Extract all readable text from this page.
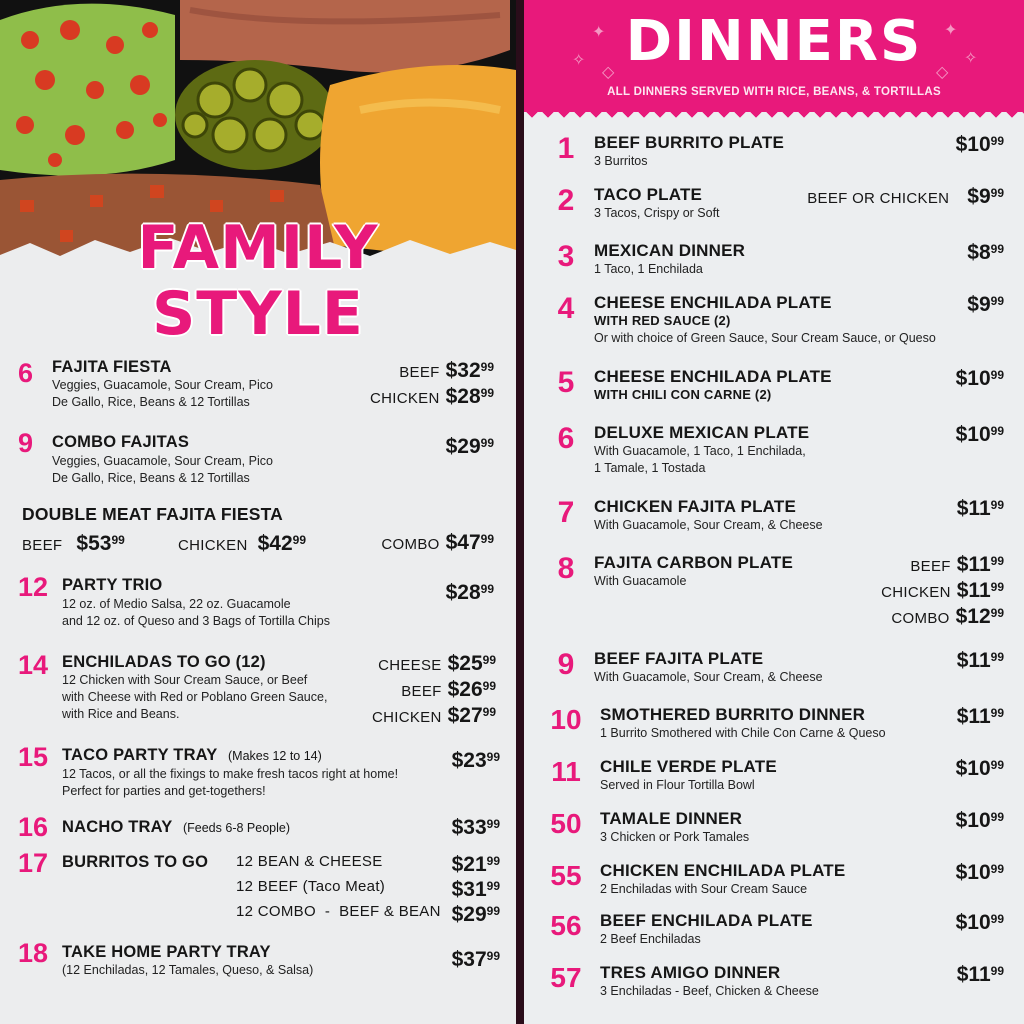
FAMILY
STYLE
6 FAJITA FIESTA
Veggies, Guacamole, Sour Cream, Pico
De Gallo, Rice, Beans & 12 Tortillas
BEEF $\$32^{99}$
CHICKEN $\$28^{99}$
9 COMBO FAJITAS
Veggies, Guacamole, Sour Cream, Pico
De Gallo, Rice, Beans & 12 Tortillas
$\$29^{99}$
DOUBLE MEAT FAJITA FIESTA
BEEF $\$53^{99}$	CHICKEN $\$42^{99}$	COMBO $\$47^{99}$
12 PARTY TRIO
12 oz. of Medio Salsa, 22 oz. Guacamole
and 12 oz. of Queso and 3 Bags of Tortilla Chips
$\$28^{99}$
14 ENCHILADAS TO GO (12)
12 Chicken with Sour Cream Sauce, or Beef
with Cheese with Red or Poblano Green Sauce,
with Rice and Beans.
CHEESE $\$25^{99}$
BEEF $\$26^{99}$
CHICKEN $\$27^{99}$
15 TACO PARTY TRAY (Makes 12 to 14)
12 Tacos, or all the fixings to make fresh tacos right at home!
Perfect for parties and get-togethers!
$\$23^{99}$
16 NACHO TRAY (Feeds 6-8 People)	$\$33^{99}$
17 BURRITOS TO GO 12 BEAN & CHEESE	$\$21^{99}$
12 BEEF (Taco Meat)	$\$31^{99}$
12 COMBO  -  BEEF & BEAN $\$29^{99}$
18 TAKE HOME PARTY TRAY
(12 Enchiladas, 12 Tamales, Queso, & Salsa)	$\$37^{99}$
✦
✧
◇
✦
✧
◇
DINNERS
ALL DINNERS SERVED WITH RICE, BEANS, & TORTILLAS
1	BEEF BURRITO PLATE
3 Burritos
$\$10^{99}$
2	TACO PLATE
3 Tacos, Crispy or Soft
BEEF OR CHICKEN $\$9^{99}$
3	MEXICAN DINNER
1 Taco, 1 Enchilada
$\$8^{99}$
4	CHEESE ENCHILADA PLATE
WITH RED SAUCE (2)
Or with choice of Green Sauce, Sour Cream Sauce, or Queso
$\$9^{99}$
5	CHEESE ENCHILADA PLATE
WITH CHILI CON CARNE (2)
$\$10^{99}$
6	DELUXE MEXICAN PLATE
With Guacamole, 1 Taco, 1 Enchilada,
1 Tamale, 1 Tostada
$\$10^{99}$
7	CHICKEN FAJITA PLATE
With Guacamole, Sour Cream, & Cheese
$\$11^{99}$
8	FAJITA CARBON PLATE
With Guacamole
BEEF $\$11^{99}$
CHICKEN $\$11^{99}$
COMBO $\$12^{99}$
9	BEEF FAJITA PLATE
With Guacamole, Sour Cream, & Cheese
$\$11^{99}$
10 SMOTHERED BURRITO DINNER
1 Burrito Smothered with Chile Con Carne & Queso
$\$11^{99}$
11	CHILE VERDE PLATE
Served in Flour Tortilla Bowl
$\$10^{99}$
50 TAMALE DINNER
3 Chicken or Pork Tamales
$\$10^{99}$
55 CHICKEN ENCHILADA PLATE
2 Enchiladas with Sour Cream Sauce
$\$10^{99}$
56 BEEF ENCHILADA PLATE
2 Beef Enchiladas
$\$10^{99}$
57 TRES AMIGO DINNER
3 Enchiladas - Beef, Chicken & Cheese
$\$11^{99}$
